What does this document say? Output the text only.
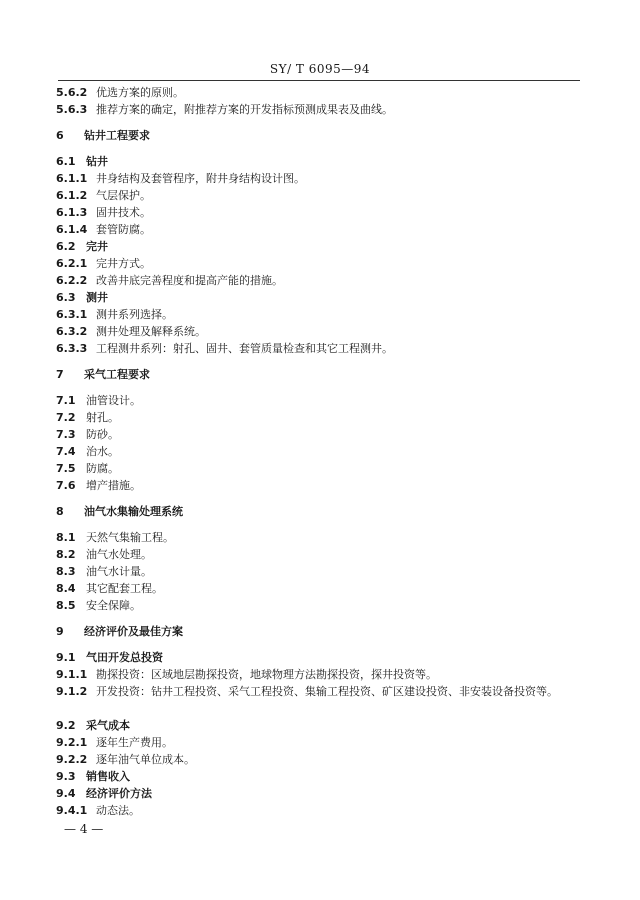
SY/ T 6095—94
5.6.2 优选方案的原则。
5.6.3 推荐方案的确定，附推荐方案的开发指标预测成果表及曲线。
6 钻井工程要求
6.1 钻井
6.1.1 井身结构及套管程序，附井身结构设计图。
6.1.2 气层保护。
6.1.3 固井技术。
6.1.4 套管防腐。
6.2 完井
6.2.1 完井方式。
6.2.2 改善井底完善程度和提高产能的措施。
6.3 测井
6.3.1 测井系列选择。
6.3.2 测井处理及解释系统。
6.3.3 工程测井系列：射孔、固井、套管质量检查和其它工程测井。
7 采气工程要求
7.1 油管设计。
7.2 射孔。
7.3 防砂。
7.4 治水。
7.5 防腐。
7.6 增产措施。
8 油气水集输处理系统
8.1 天然气集输工程。
8.2 油气水处理。
8.3 油气水计量。
8.4 其它配套工程。
8.5 安全保障。
9 经济评价及最佳方案
9.1 气田开发总投资
9.1.1 勘探投资：区域地层勘探投资，地球物理方法勘探投资，探井投资等。
9.1.2 开发投资：钻井工程投资、采气工程投资、集输工程投资、矿区建设投资、非安装设备投资等。
9.2 采气成本
9.2.1 逐年生产费用。
9.2.2 逐年油气单位成本。
9.3 销售收入
9.4 经济评价方法
9.4.1 动态法。
— 4 —
